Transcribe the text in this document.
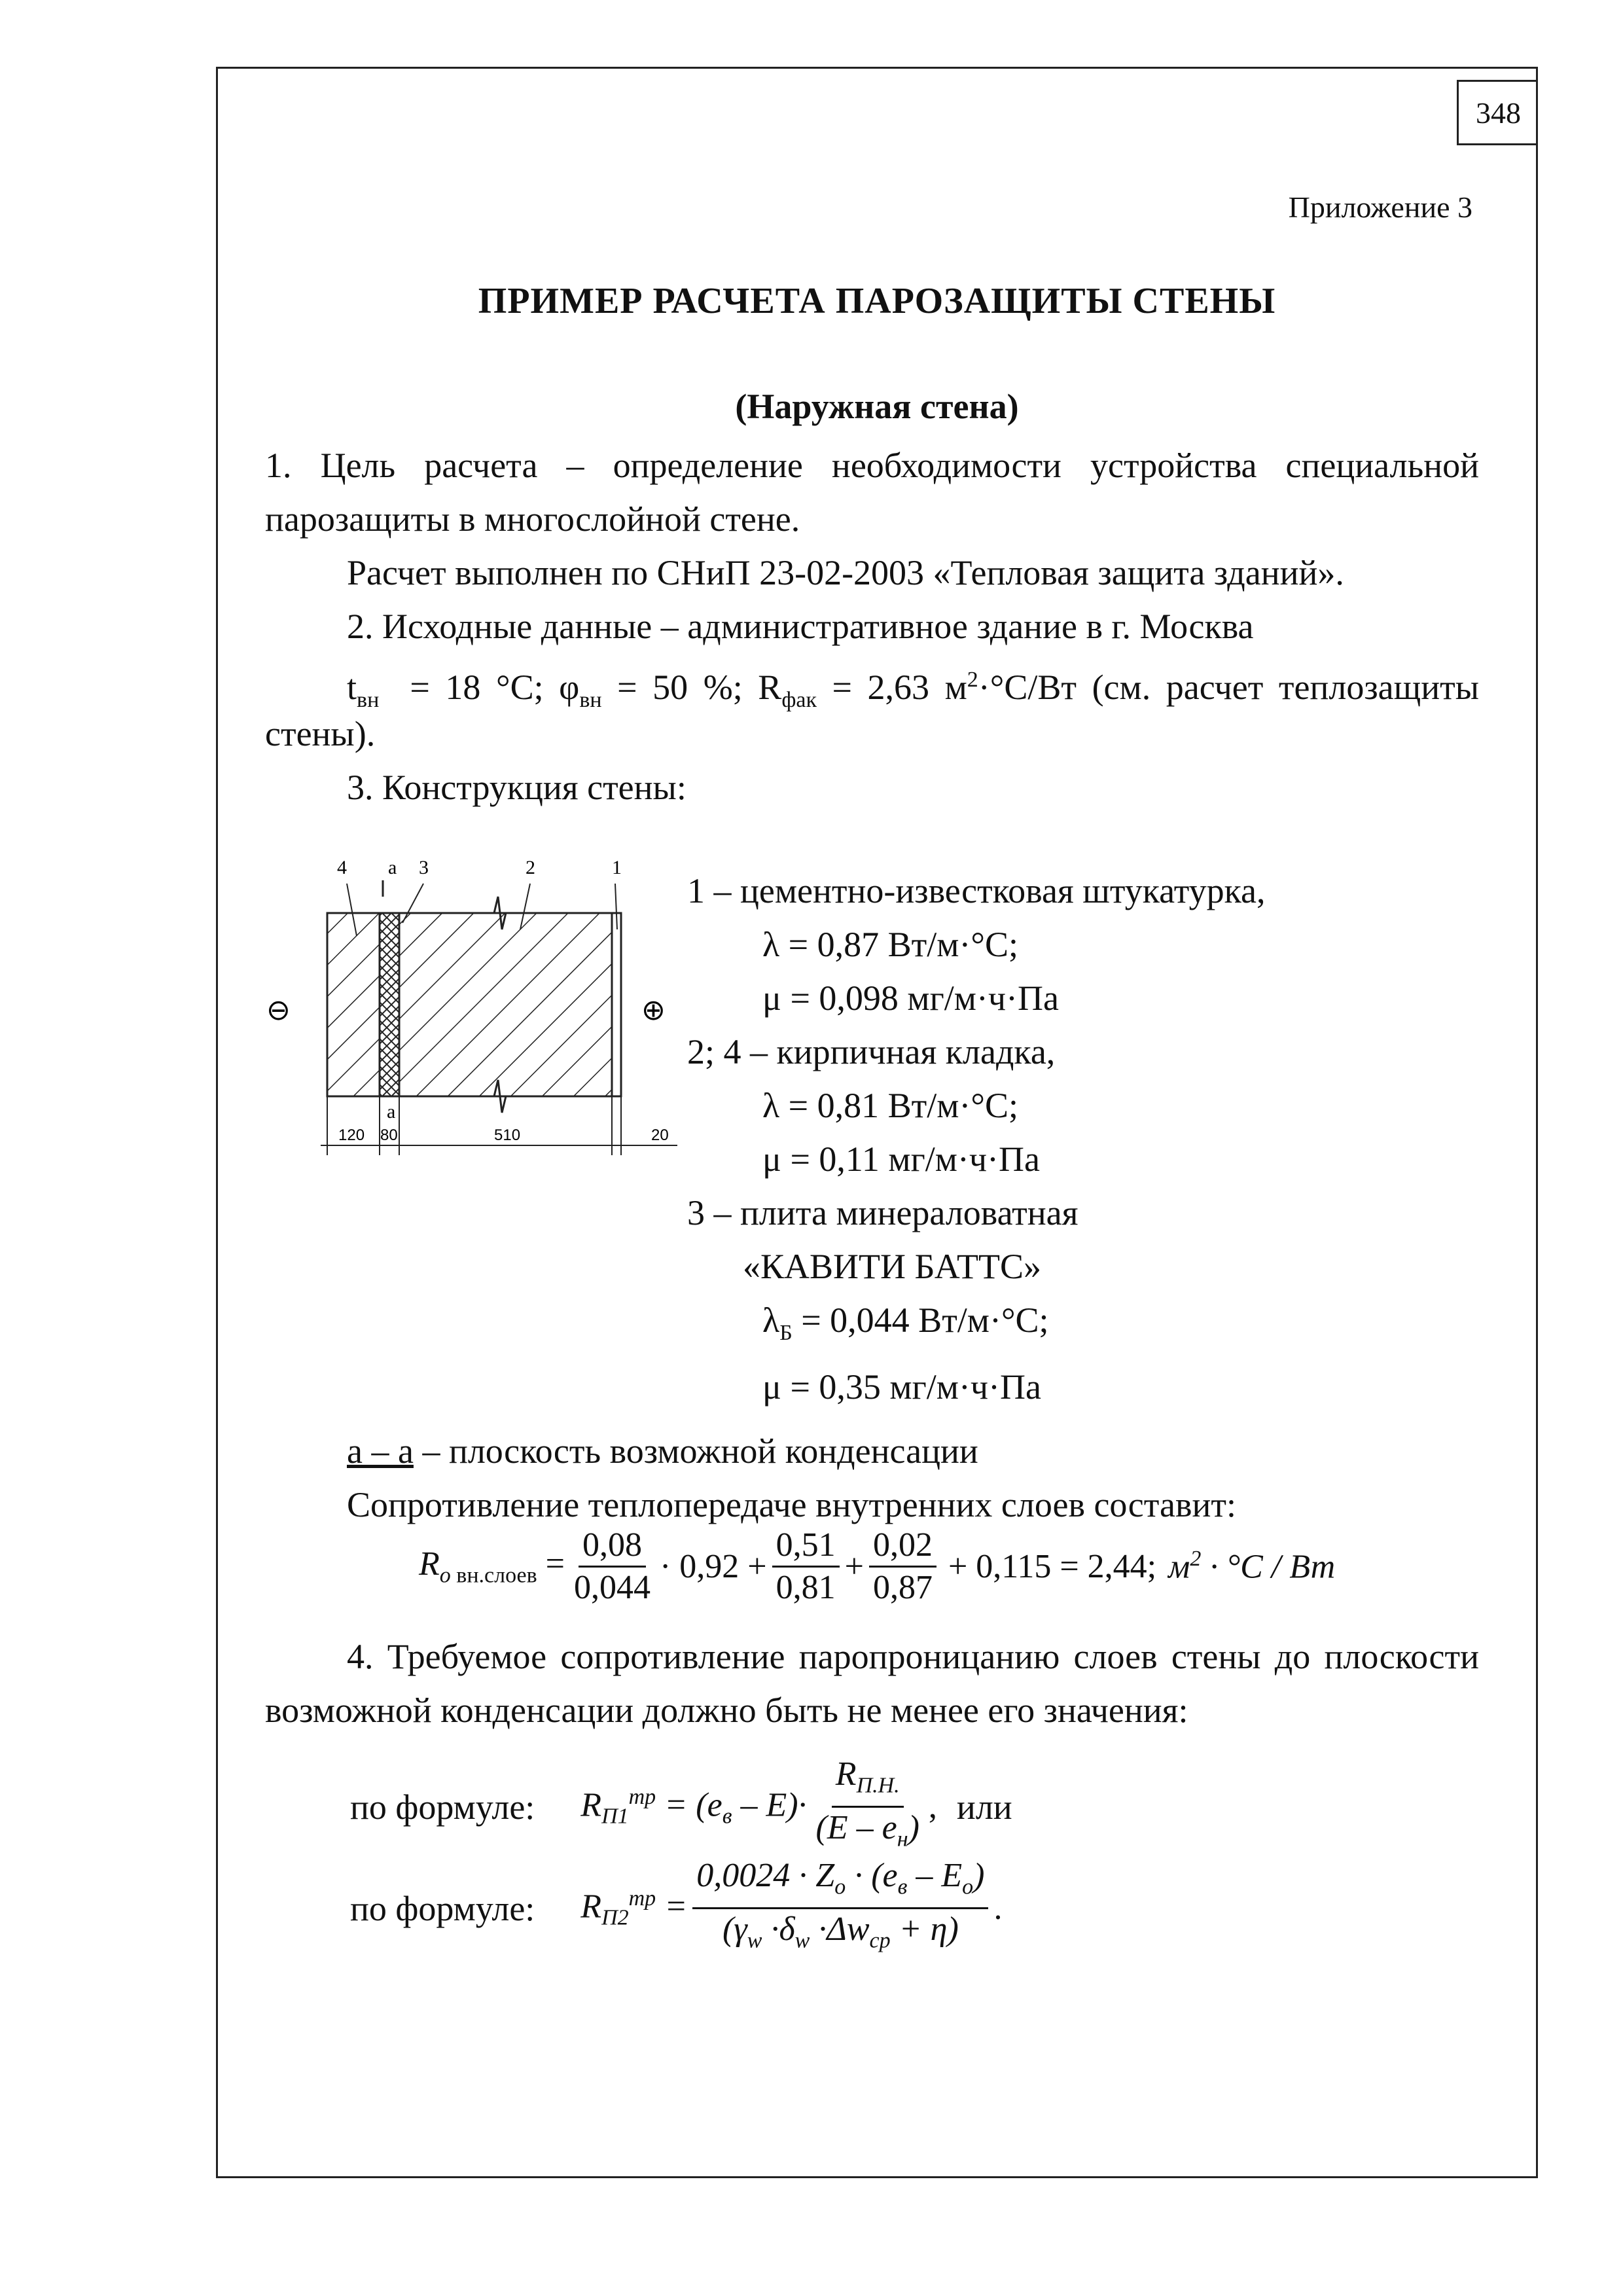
348
Приложение 3
ПРИМЕР РАСЧЕТА ПАРОЗАЩИТЫ СТЕНЫ
(Наружная стена)
1. Цель расчета – определение необходимости устройства специальной
парозащиты в многослойной стене.
Расчет выполнен по СНиП 23-02-2003 «Тепловая защита зданий».
2. Исходные данные – административное здание в г. Москва
$t_{вн} = 18$ °С; $\varphi_{вн} = 50$ %; $R_{фак} = 2,63$ $м^2\cdot^\circ С/Вт$ (см. расчет теплозащиты
стены).
3. Конструкция стены:
4 а 3	2	1
а
120 80	510	20
⊖	⊕
1 – цементно-известковая штукатурка,
λ = 0,87 Вт/м·°С;
μ = 0,098 мг/м·ч·Па
2; 4 – кирпичная кладка,
λ = 0,81 Вт/м·°С;
μ = 0,11 мг/м·ч·Па
3 – плита минераловатная
«КАВИТИ БАТТС»
$\lambda_Б = 0,044$ Вт/м·°С;
μ = 0,35 мг/м·ч·Па
а – а – плоскость возможной конденсации
Сопротивление теплопередаче внутренних слоев составит:
$R_{о вн.слоев} = \frac{0,08}{0,044} \cdot 0,92 + \frac{0,51}{0,81} + \frac{0,02}{0,87} + 0,115 = 2,44$; $м^2 \cdot ^\circ С$ / Вт
4. Требуемое сопротивление паропроницанию слоев стены до плоскости
возможной конденсации должно быть не менее его значения:
по формуле: $R_{П1}^{тр} = (e_в - E)\cdot \frac{R_{П.Н.}}{(E - e_н)}$ , или
по формуле: $R_{П2}^{тр} = \frac{0,0024 \cdot Z_о \cdot (e_в - E_о)}{(\gamma_w \cdot\delta_w \cdot\Delta w_{ср} + \eta)}$ .
